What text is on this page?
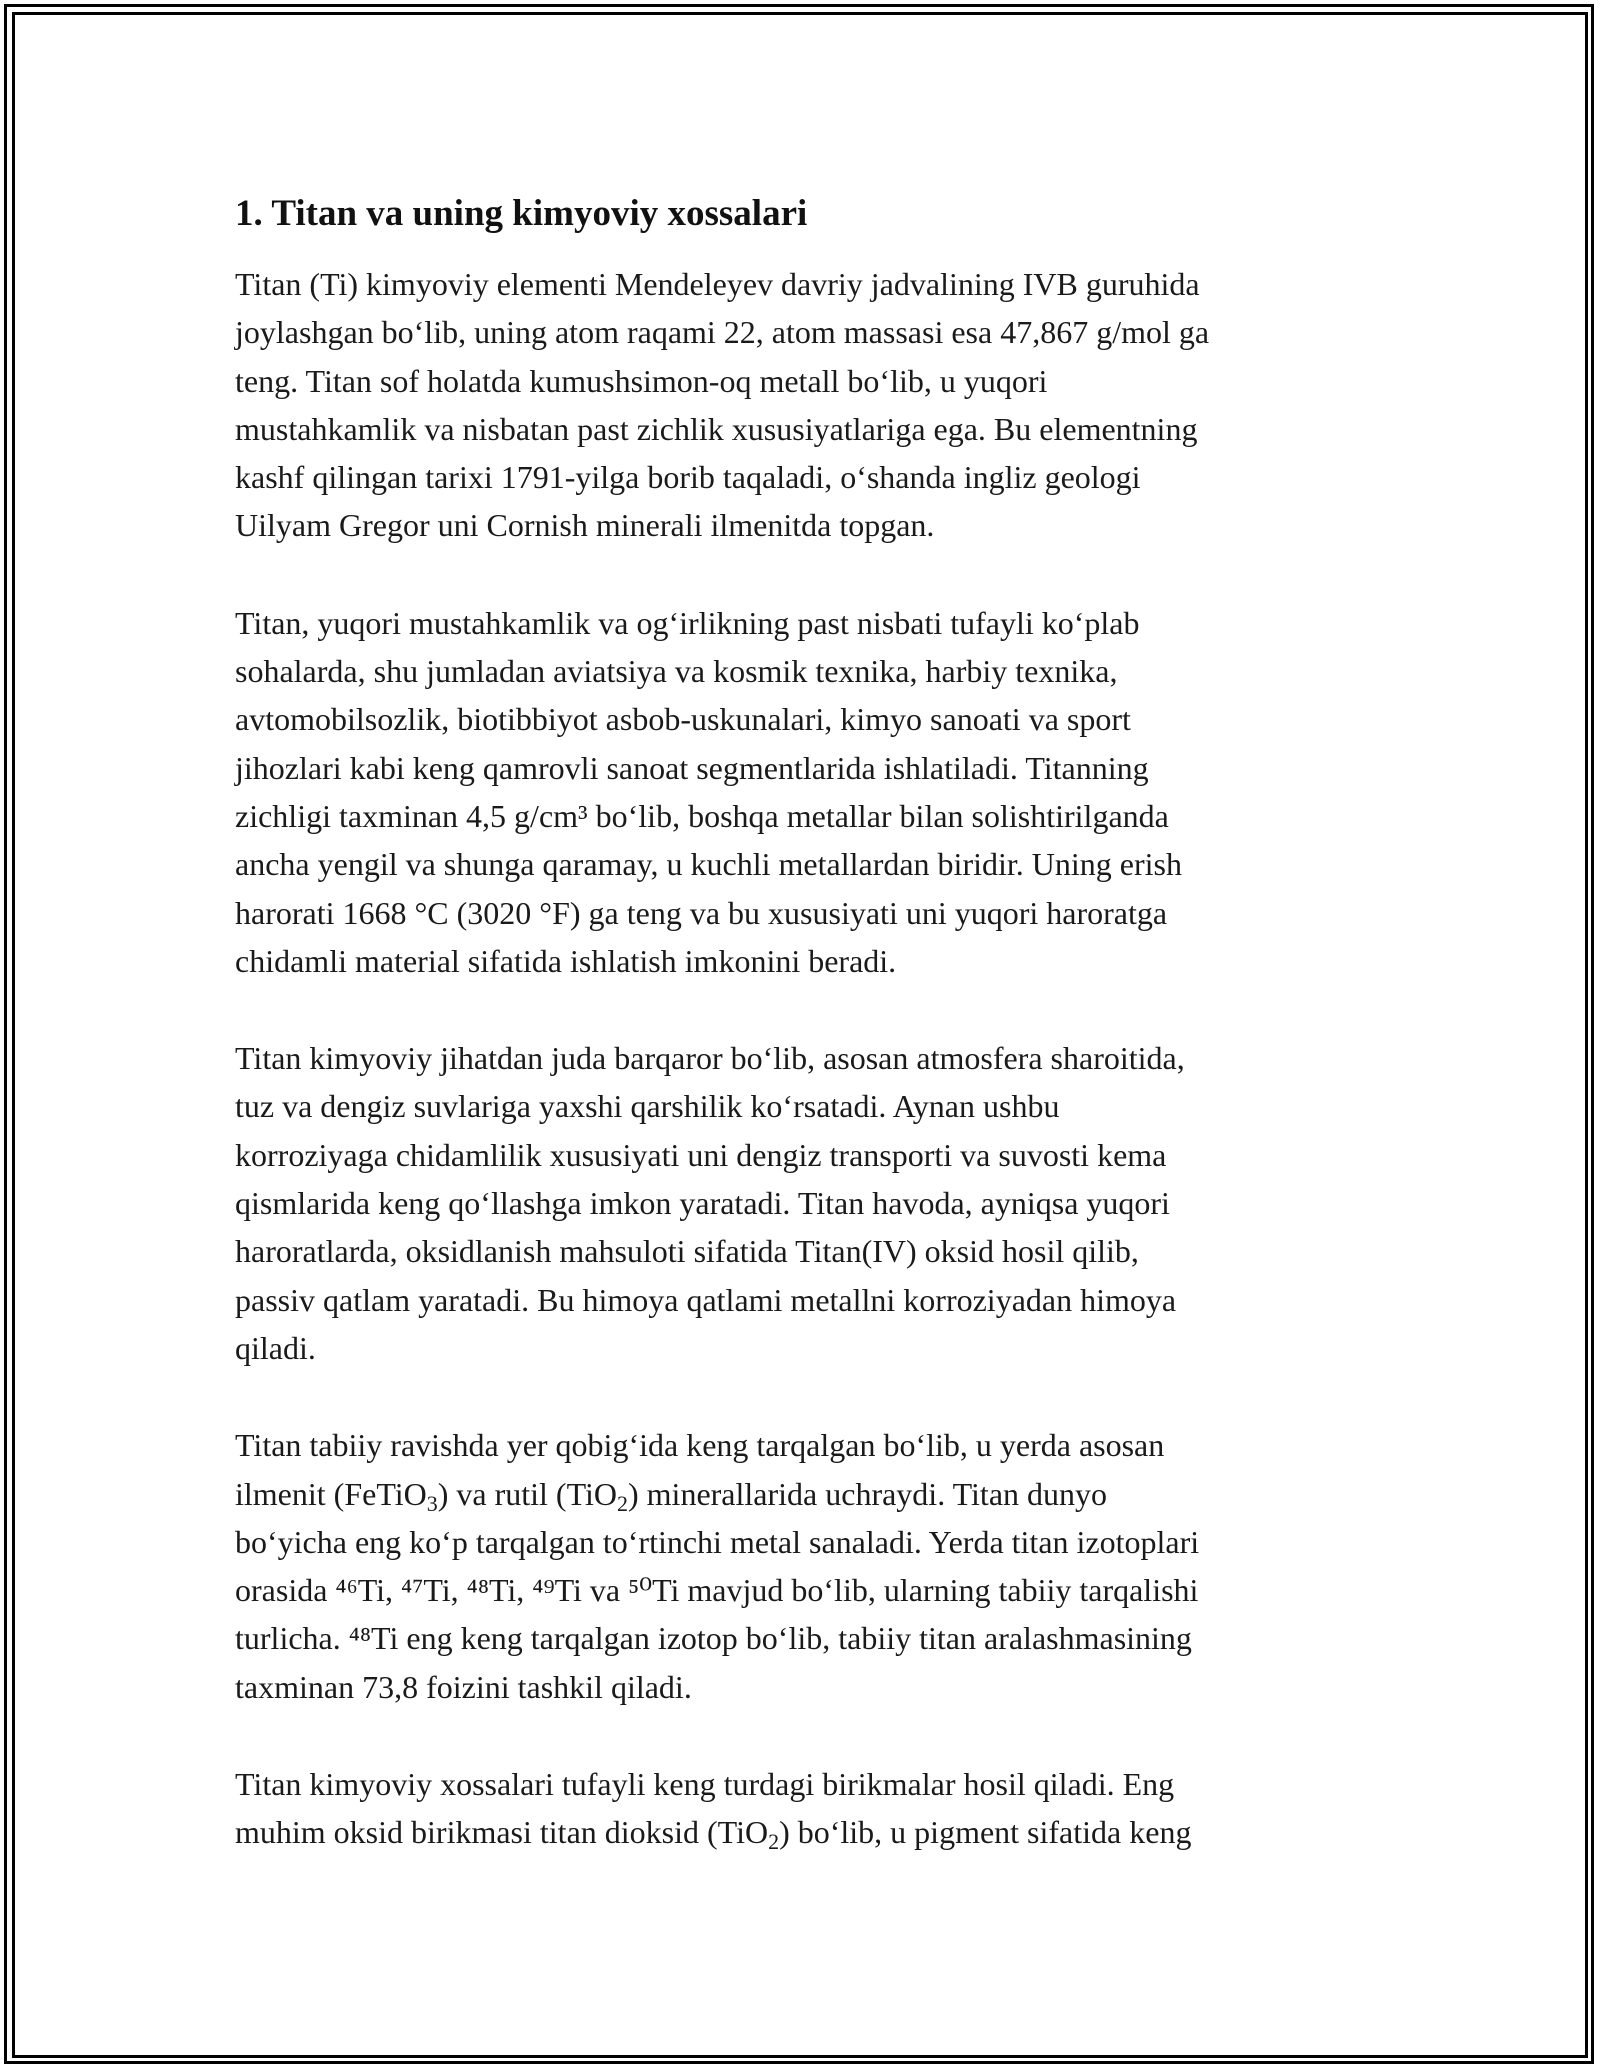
1. Titan va uning kimyoviy xossalari

Titan (Ti) kimyoviy elementi Mendeleyev davriy jadvalining IVB guruhida
joylashgan bo‘lib, uning atom raqami 22, atom massasi esa 47,867 g/mol ga
teng. Titan sof holatda kumushsimon-oq metall bo‘lib, u yuqori
mustahkamlik va nisbatan past zichlik xususiyatlariga ega. Bu elementning
kashf qilingan tarixi 1791-yilga borib taqaladi, o‘shanda ingliz geologi
Uilyam Gregor uni Cornish minerali ilmenitda topgan.

Titan, yuqori mustahkamlik va og‘irlikning past nisbati tufayli ko‘plab
sohalarda, shu jumladan aviatsiya va kosmik texnika, harbiy texnika,
avtomobilsozlik, biotibbiyot asbob-uskunalari, kimyo sanoati va sport
jihozlari kabi keng qamrovli sanoat segmentlarida ishlatiladi. Titanning
zichligi taxminan 4,5 g/cm³ bo‘lib, boshqa metallar bilan solishtirilganda
ancha yengil va shunga qaramay, u kuchli metallardan biridir. Uning erish
harorati 1668 °C (3020 °F) ga teng va bu xususiyati uni yuqori haroratga
chidamli material sifatida ishlatish imkonini beradi.

Titan kimyoviy jihatdan juda barqaror bo‘lib, asosan atmosfera sharoitida,
tuz va dengiz suvlariga yaxshi qarshilik ko‘rsatadi. Aynan ushbu
korroziyaga chidamlilik xususiyati uni dengiz transporti va suvosti kema
qismlarida keng qo‘llashga imkon yaratadi. Titan havoda, ayniqsa yuqori
haroratlarda, oksidlanish mahsuloti sifatida Titan(IV) oksid hosil qilib,
passiv qatlam yaratadi. Bu himoya qatlami metallni korroziyadan himoya
qiladi.

Titan tabiiy ravishda yer qobig‘ida keng tarqalgan bo‘lib, u yerda asosan
ilmenit (FeTiO$_3$) va rutil (TiO$_2$) minerallarida uchraydi. Titan dunyo
bo‘yicha eng ko‘p tarqalgan to‘rtinchi metal sanaladi. Yerda titan izotoplari
orasida ⁴⁶Ti, ⁴⁷Ti, ⁴⁸Ti, ⁴⁹Ti va ⁵⁰Ti mavjud bo‘lib, ularning tabiiy tarqalishi
turlicha. ⁴⁸Ti eng keng tarqalgan izotop bo‘lib, tabiiy titan aralashmasining
taxminan 73,8 foizini tashkil qiladi.

Titan kimyoviy xossalari tufayli keng turdagi birikmalar hosil qiladi. Eng
muhim oksid birikmasi titan dioksid (TiO$_2$) bo‘lib, u pigment sifatida keng
